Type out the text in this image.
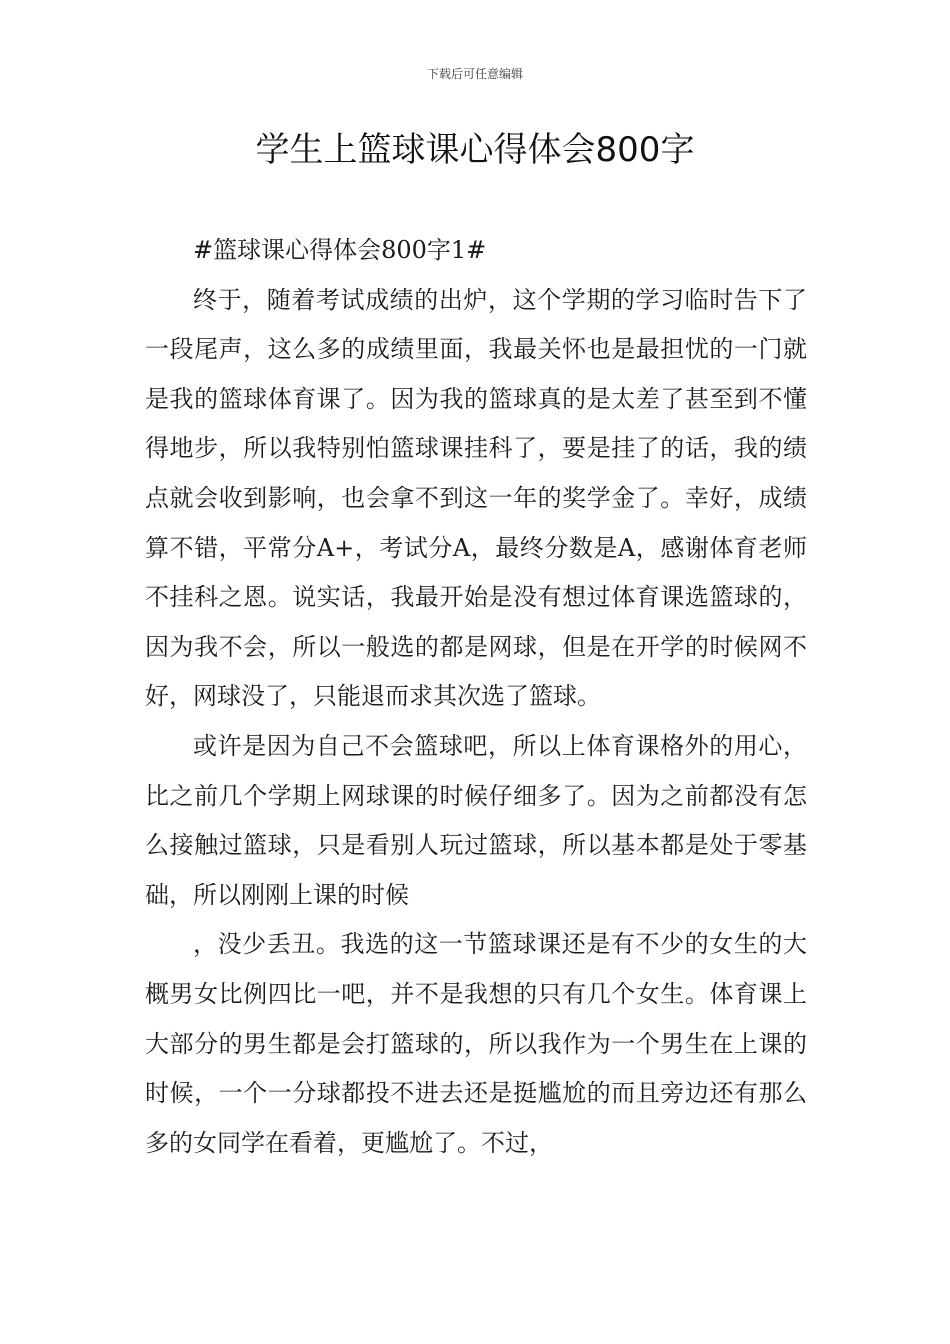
下载后可任意编辑
学生上篮球课心得体会800字

#篮球课心得体会800字1#

终于，随着考试成绩的出炉，这个学期的学习临时告下了一段尾声，这么多的成绩里面，我最关怀也是最担忧的一门就是我的篮球体育课了。因为我的篮球真的是太差了甚至到不懂得地步，所以我特别怕篮球课挂科了，要是挂了的话，我的绩点就会收到影响，也会拿不到这一年的奖学金了。幸好，成绩算不错，平常分A+，考试分A，最终分数是A，感谢体育老师不挂科之恩。说实话，我最开始是没有想过体育课选篮球的，因为我不会，所以一般选的都是网球，但是在开学的时候网不好，网球没了，只能退而求其次选了篮球。

或许是因为自己不会篮球吧，所以上体育课格外的用心，比之前几个学期上网球课的时候仔细多了。因为之前都没有怎么接触过篮球，只是看别人玩过篮球，所以基本都是处于零基础，所以刚刚上课的时候

，没少丢丑。我选的这一节篮球课还是有不少的女生的大概男女比例四比一吧，并不是我想的只有几个女生。体育课上大部分的男生都是会打篮球的，所以我作为一个男生在上课的时候，一个一分球都投不进去还是挺尴尬的而且旁边还有那么多的女同学在看着，更尴尬了。不过，
